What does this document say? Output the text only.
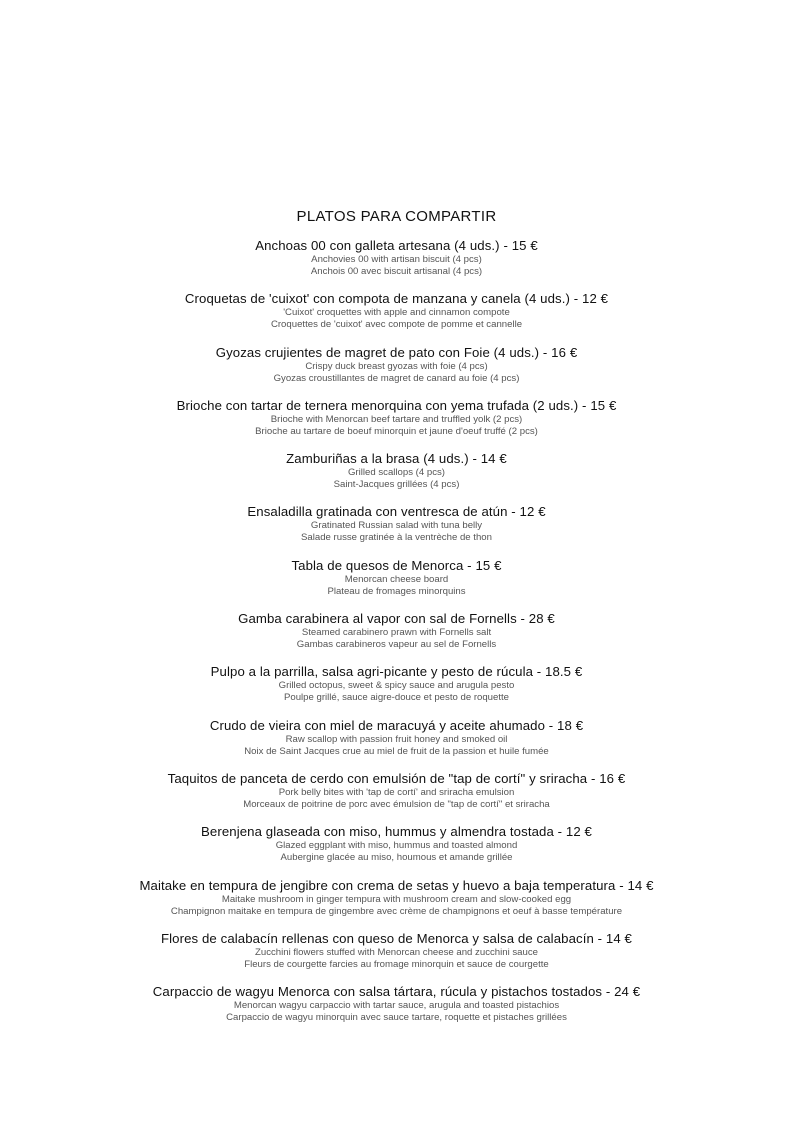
PLATOS PARA COMPARTIR
Anchoas 00 con galleta artesana (4 uds.) - 15 €
Anchovies 00 with artisan biscuit (4 pcs)
Anchois 00 avec biscuit artisanal (4 pcs)
Croquetas de 'cuixot' con compota de manzana y canela (4 uds.) - 12 €
'Cuixot' croquettes with apple and cinnamon compote
Croquettes de 'cuixot' avec compote de pomme et cannelle
Gyozas crujientes de magret de pato con Foie (4 uds.) - 16 €
Crispy duck breast gyozas with foie (4 pcs)
Gyozas croustillantes de magret de canard au foie (4 pcs)
Brioche con tartar de ternera menorquina con yema trufada (2 uds.) - 15 €
Brioche with Menorcan beef tartare and truffled yolk (2 pcs)
Brioche au tartare de boeuf minorquin et jaune d'oeuf truffé (2 pcs)
Zamburiñas a la brasa (4 uds.) - 14 €
Grilled scallops (4 pcs)
Saint-Jacques grillées (4 pcs)
Ensaladilla gratinada con ventresca de atún - 12 €
Gratinated Russian salad with tuna belly
Salade russe gratinée à la ventrèche de thon
Tabla de quesos de Menorca - 15 €
Menorcan cheese board
Plateau de fromages minorquins
Gamba carabinera al vapor con sal de Fornells - 28 €
Steamed carabinero prawn with Fornells salt
Gambas carabineros vapeur au sel de Fornells
Pulpo a la parrilla, salsa agri-picante y pesto de rúcula - 18.5 €
Grilled octopus, sweet & spicy sauce and arugula pesto
Poulpe grillé, sauce aigre-douce et pesto de roquette
Crudo de vieira con miel de maracuyá y aceite ahumado - 18 €
Raw scallop with passion fruit honey and smoked oil
Noix de Saint Jacques crue au miel de fruit de la passion et huile fumée
Taquitos de panceta de cerdo con emulsión de "tap de cortí" y sriracha - 16 €
Pork belly bites with 'tap de cortí' and sriracha emulsion
Morceaux de poitrine de porc avec émulsion de "tap de cortí" et sriracha
Berenjena glaseada con miso, hummus y almendra tostada - 12 €
Glazed eggplant with miso, hummus and toasted almond
Aubergine glacée au miso, houmous et amande grillée
Maitake en tempura de jengibre con crema de setas y huevo a baja temperatura - 14 €
Maitake mushroom in ginger tempura with mushroom cream and slow-cooked egg
Champignon maitake en tempura de gingembre avec crème de champignons et oeuf à basse température
Flores de calabacín rellenas con queso de Menorca y salsa de calabacín - 14 €
Zucchini flowers stuffed with Menorcan cheese and zucchini sauce
Fleurs de courgette farcies au fromage minorquin et sauce de courgette
Carpaccio de wagyu Menorca con salsa tártara, rúcula y pistachos tostados - 24 €
Menorcan wagyu carpaccio with tartar sauce, arugula and toasted pistachios
Carpaccio de wagyu minorquin avec sauce tartare, roquette et pistaches grillées
